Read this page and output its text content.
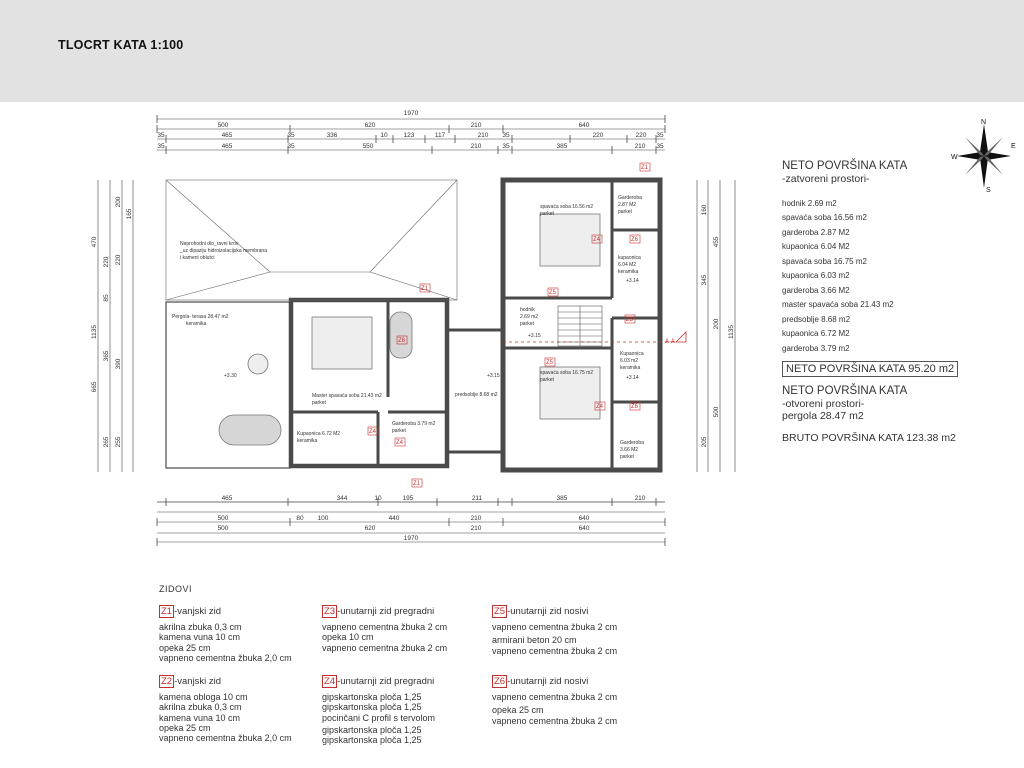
TLOCRT KATA 1:100
N
S
W
E
1970
500	620	210	640
465	336	10 123	117	210	220	220
465	550	210	385	210
35	35	35	35
35	35	35	35
465	344	10	195	211	385	210
500	80 100	440	210	640
500	620	210	640
1970
470
1135
665
220
85
365
390
265
200
165
220
255
455
1135
500
345
200
205
160
Z1
Z1
Z1
Z5
Z5
Z5
Z4	Z6
Z4	Z6
Z4
Z6
Z4
A-A
Pergola- terasa 28.47 m2
keramika
Neprohodni dio_ravni krov
_uz dipaziju hidroizolacijska membrana
i kameni oblutci
Master spavaća soba 21.43 m2
parket
Kupaonica 6.72 M2
keramika
Garderoba 3.79 m2
parket
predsoblje 8.68 m2
hodnik
2.69 m2
parket
spavaća soba 16.56 m2
parket
Garderoba
2.87 M2
parket
kupaonica
6.04 M2
keramika
spavaća soba 16.75 m2
parket
Kupaonica
6.03 m2
keramika
Garderoba
3.66 M2
parket
+3.30	+3.15
+3.15
+3.14
+3.14
NETO POVRŠINA KATA
-zatvoreni prostori-
hodnik 2.69 m2
spavaća soba 16.56 m2
garderoba 2.87 M2
kupaonica 6.04 M2
spavaća soba 16.75 m2
kupaonica 6.03 m2
garderoba 3.66 M2
master spavaća soba 21.43 m2
predsoblje 8.68 m2
kupaonica 6.72 M2
garderoba 3.79 m2
NETO POVRŠINA KATA 95.20 m2
NETO POVRŠINA KATA
-otvoreni prostori-
pergola 28.47 m2
BRUTO POVRŠINA KATA 123.38 m2
ZIDOVI
Z1 -vanjski zid
akrilna zbuka 0,3 cm
kamena vuna 10 cm
opeka 25 cm
vapneno cementna žbuka 2,0 cm
Z2 -vanjski zid
kamena obloga 10 cm
akrilna zbuka 0,3 cm
kamena vuna 10 cm
opeka 25 cm
vapneno cementna žbuka 2,0 cm
Z3 -unutarnji zid pregradni
vapneno cementna žbuka 2 cm
opeka 10 cm
vapneno cementna žbuka 2 cm
Z4 -unutarnji zid pregradni
gipskartonska ploča 1,25
gipskartonska ploča 1,25
pocinčani C profil s tervolom
gipskartonska ploča 1,25
gipskartonska ploča 1,25
Z5 -unutarnji zid nosivi
vapneno cementna žbuka 2 cm
armirani beton 20 cm
vapneno cementna žbuka 2 cm
Z6 -unutarnji zid nosivi
vapneno cementna žbuka 2 cm
opeka 25 cm
vapneno cementna žbuka 2 cm
